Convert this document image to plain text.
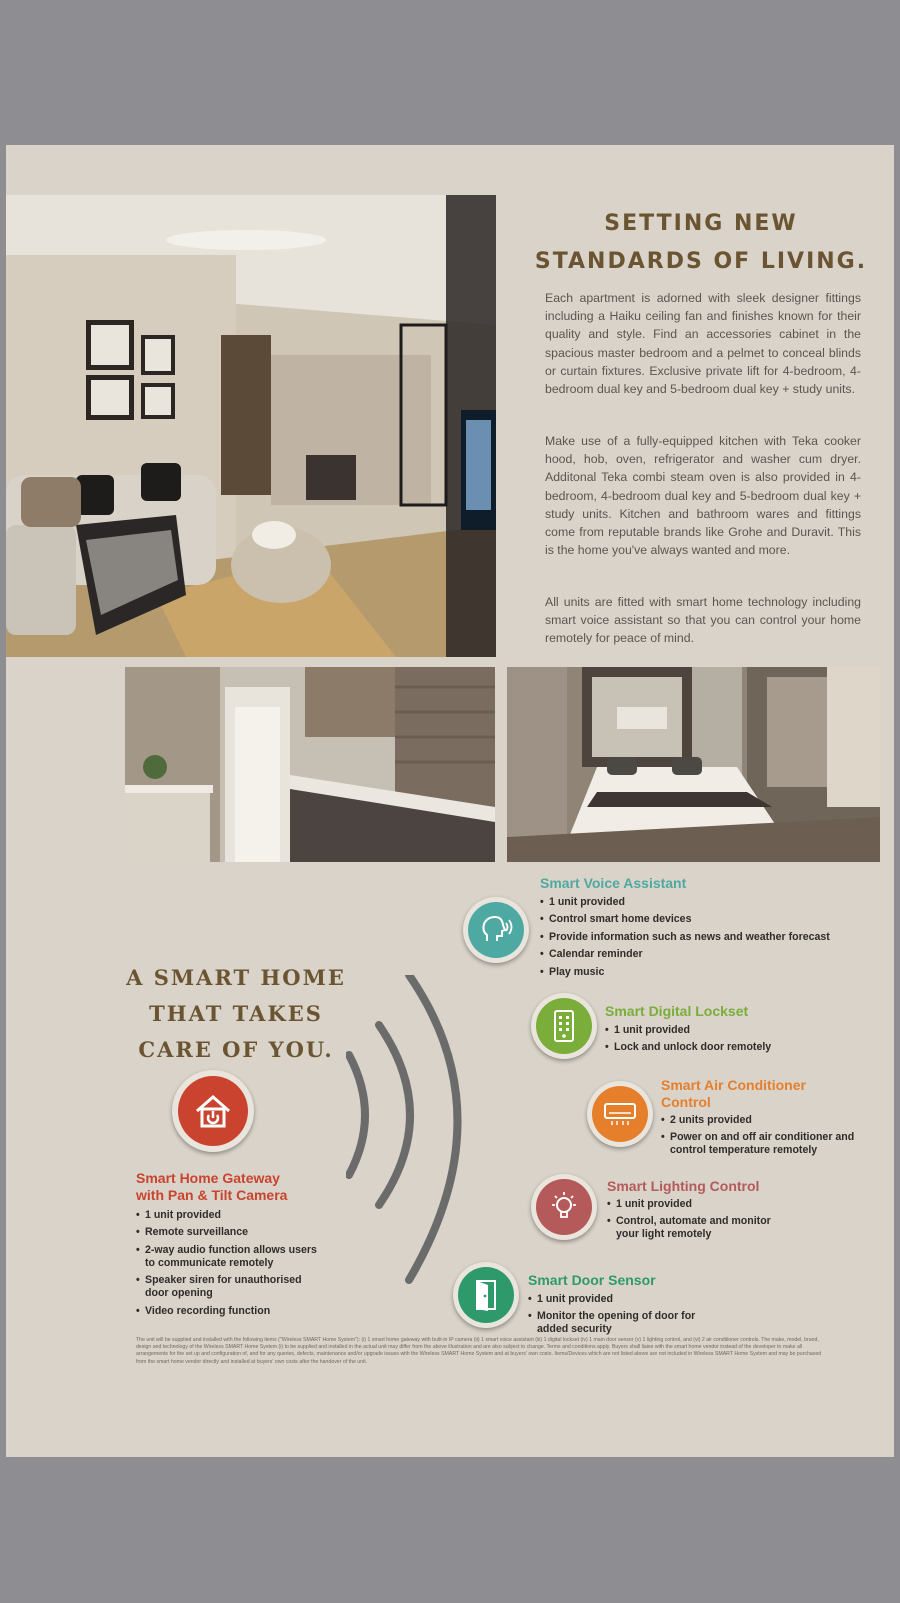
SETTING NEW
STANDARDS OF LIVING.

Each apartment is adorned with sleek designer fittings including a Haiku ceiling fan and finishes known for their quality and style. Find an accessories cabinet in the spacious master bedroom and a pelmet to conceal blinds or curtain fixtures. Exclusive private lift for 4-bedroom, 4-bedroom dual key and 5-bedroom dual key + study units.

Make use of a fully-equipped kitchen with Teka cooker hood, hob, oven, refrigerator and washer cum dryer. Additonal Teka combi steam oven is also provided in 4-bedroom, 4-bedroom dual key and 5-bedroom dual key + study units. Kitchen and bathroom wares and fittings come from reputable brands like Grohe and Duravit. This is the home you've always wanted and more.

All units are fitted with smart home technology including smart voice assistant so that you can control your home remotely for peace of mind.

A SMART HOME
THAT TAKES
CARE OF YOU.
Smart Home Gateway
with Pan & Tilt Camera
• 1 unit provided
• Remote surveillance
• 2-way audio function allows users to communicate remotely
• Speaker siren for unauthorised door opening
• Video recording function
Smart Voice Assistant
• 1 unit provided
• Control smart home devices
• Provide information such as news and weather forecast
• Calendar reminder
• Play music
Smart Digital Lockset
• 1 unit provided
• Lock and unlock door remotely
Smart Air Conditioner
Control
• 2 units provided
• Power on and off air conditioner and control temperature remotely
Smart Lighting Control
• 1 unit provided
• Control, automate and monitor your light remotely
Smart Door Sensor
• 1 unit provided
• Monitor the opening of door for added security

The unit will be supplied and installed with the following items ("Wireless SMART Home System"): (i) 1 smart home gateway with built-in IP camera (ii) 1 smart voice assistant (iii) 1 digital lockset (iv) 1 main door sensor (v) 1 lighting control, and (vi) 2 air conditioner controls. The make, model, brand, design and technology of the Wireless SMART Home System (i) to be supplied and installed in the actual unit may differ from the above illustration and are also subject to change. Terms and conditions apply. Buyers shall liaise with the smart home vendor instead of the developer to make all arrangements for the set up and configuration of, and for any queries, defects, maintenance and/or upgrade issues with the Wireless SMART Home System and at buyers' own costs. Items/Devices which are not listed above are not included in Wireless SMART Home System and may be purchased from the smart home vendor directly and installed at buyers' own costs after the handover of the unit.
